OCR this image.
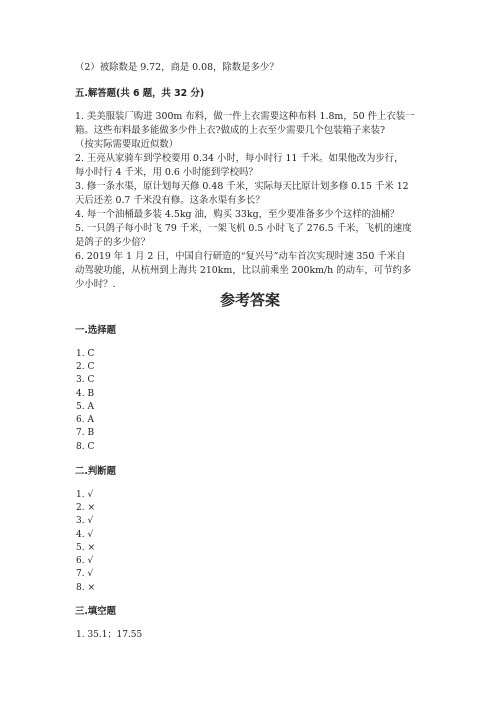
（2）被除数是 9.72，商是 0.08，除数是多少？

五.解答题(共 6 题，共 32 分)

1. 美美服装厂购进 300m 布料，做一件上衣需要这种布料 1.8m，50 件上衣装一

箱。这些布料最多能做多少件上衣?做成的上衣至少需要几个包装箱子来装?

（按实际需要取近似数）

2. 王亮从家骑车到学校要用 0.34 小时，每小时行 11 千米。如果他改为步行，

每小时行 4 千米，用 0.6 小时能到学校吗？

3. 修一条水渠，原计划每天修 0.48 千米，实际每天比原计划多修 0.15 千米 12

天后还差 0.7 千米没有修。这条水渠有多长？

4. 每一个油桶最多装 4.5kg 油，购买 33kg，至少要准备多少个这样的油桶？

5. 一只鸽子每小时飞 79 千米，一架飞机 0.5 小时飞了 276.5 千米，飞机的速度

是鸽子的多少倍？

6. 2019 年 1 月 2 日，中国自行研造的“复兴号”动车首次实现时速 350 千米自

动驾驶功能，从杭州到上海共 210km，比以前乘坐 200km/h 的动车，可节约多

少小时？.

参考答案

一.选择题

1. C

2. C

3. C

4. B

5. A

6. A

7. B

8. C

二.判断题

1. √

2. ×

3. √

4. √

5. ×

6. √

7. √

8. ×

三.填空题

1. 35.1；17.55
